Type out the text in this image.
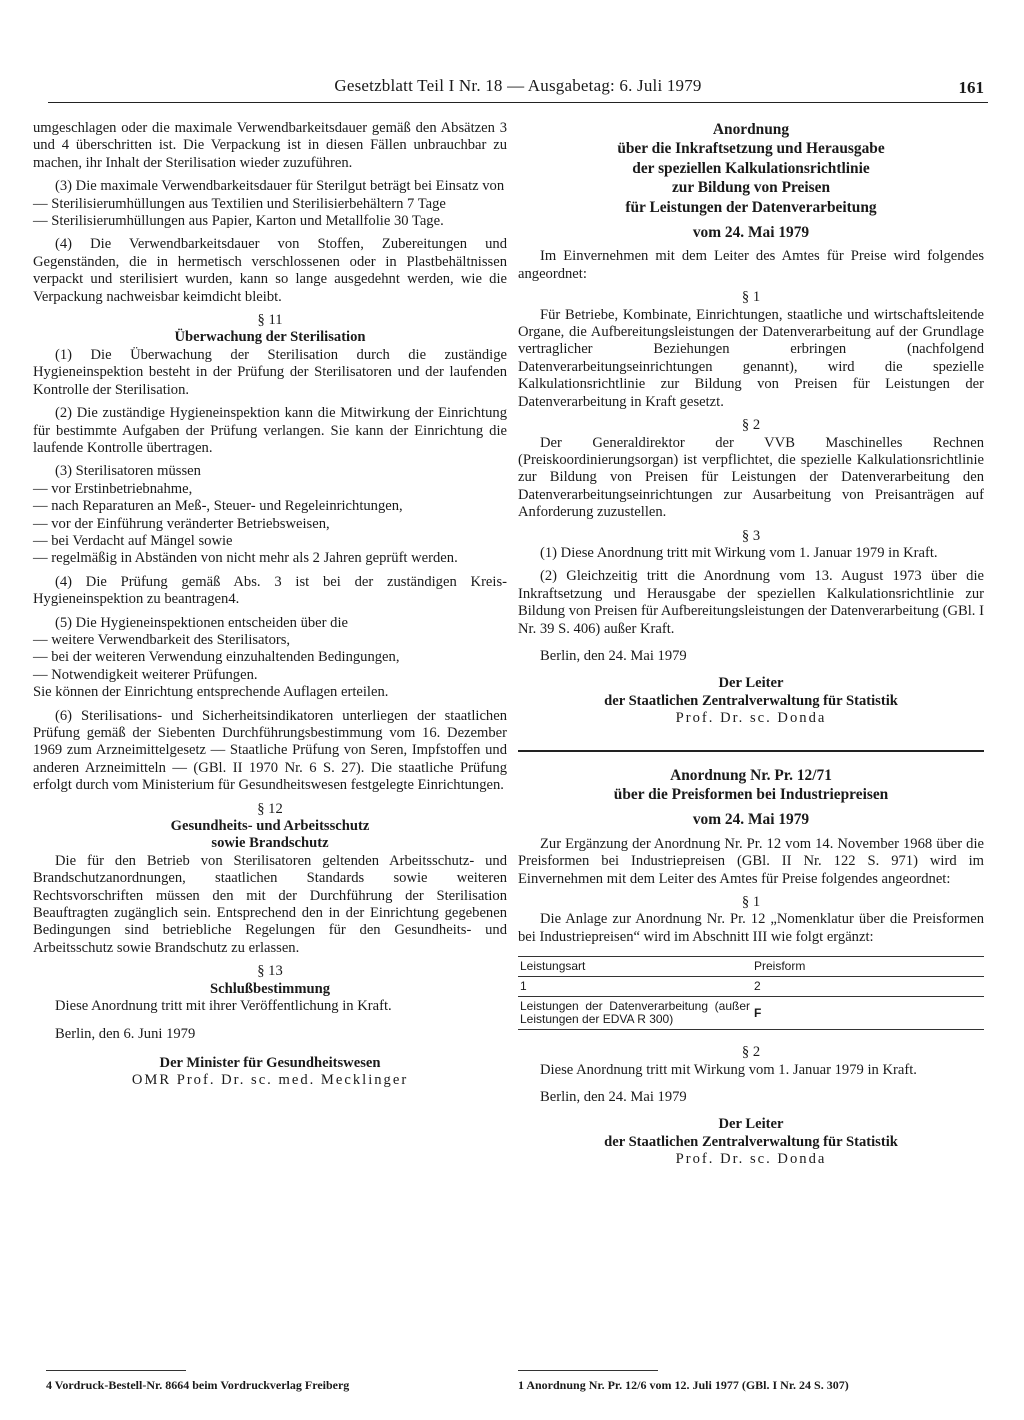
Gesetzblatt Teil I Nr. 18 — Ausgabetag: 6. Juli 1979	161

umgeschlagen oder die maximale Verwendbarkeitsdauer gemäß den Absätzen 3 und 4 überschritten ist. Die Verpackung ist in diesen Fällen unbrauchbar zu machen, ihr Inhalt der Sterilisation wieder zuzuführen.

(3) Die maximale Verwendbarkeitsdauer für Sterilgut beträgt bei Einsatz von

— Sterilisierumhüllungen aus Textilien und Sterilisierbehältern 7 Tage

— Sterilisierumhüllungen aus Papier, Karton und Metallfolie 30 Tage.

(4) Die Verwendbarkeitsdauer von Stoffen, Zubereitungen und Gegenständen, die in hermetisch verschlossenen oder in Plastbehältnissen verpackt und sterilisiert wurden, kann so lange ausgedehnt werden, wie die Verpackung nachweisbar keimdicht bleibt.

§ 11

Überwachung der Sterilisation

(1) Die Überwachung der Sterilisation durch die zuständige Hygieneinspektion besteht in der Prüfung der Sterilisatoren und der laufenden Kontrolle der Sterilisation.

(2) Die zuständige Hygieneinspektion kann die Mitwirkung der Einrichtung für bestimmte Aufgaben der Prüfung verlangen. Sie kann der Einrichtung die laufende Kontrolle übertragen.

(3) Sterilisatoren müssen

— vor Erstinbetriebnahme,

— nach Reparaturen an Meß-, Steuer- und Regeleinrichtungen,

— vor der Einführung veränderter Betriebsweisen,

— bei Verdacht auf Mängel sowie

— regelmäßig in Abständen von nicht mehr als 2 Jahren geprüft werden.

(4) Die Prüfung gemäß Abs. 3 ist bei der zuständigen Kreis-Hygieneinspektion zu beantragen4.

(5) Die Hygieneinspektionen entscheiden über die

— weitere Verwendbarkeit des Sterilisators,

— bei der weiteren Verwendung einzuhaltenden Bedingungen,

— Notwendigkeit weiterer Prüfungen.

Sie können der Einrichtung entsprechende Auflagen erteilen.

(6) Sterilisations- und Sicherheitsindikatoren unterliegen der staatlichen Prüfung gemäß der Siebenten Durchführungsbestimmung vom 16. Dezember 1969 zum Arzneimittelgesetz — Staatliche Prüfung von Seren, Impfstoffen und anderen Arzneimitteln — (GBl. II 1970 Nr. 6 S. 27). Die staatliche Prüfung erfolgt durch vom Ministerium für Gesundheitswesen festgelegte Einrichtungen.

§ 12

Gesundheits- und Arbeitsschutz

sowie Brandschutz

Die für den Betrieb von Sterilisatoren geltenden Arbeitsschutz- und Brandschutzanordnungen, staatlichen Standards sowie weiteren Rechtsvorschriften müssen den mit der Durchführung der Sterilisation Beauftragten zugänglich sein. Entsprechend den in der Einrichtung gegebenen Bedingungen sind betriebliche Regelungen für den Gesundheits- und Arbeitsschutz sowie Brandschutz zu erlassen.

§ 13

Schlußbestimmung

Diese Anordnung tritt mit ihrer Veröffentlichung in Kraft.

Berlin, den 6. Juni 1979

Der Minister für Gesundheitswesen

OMR Prof. Dr. sc. med. Mecklinger

Anordnung

über die Inkraftsetzung und Herausgabe

der speziellen Kalkulationsrichtlinie

zur Bildung von Preisen

für Leistungen der Datenverarbeitung

vom 24. Mai 1979

Im Einvernehmen mit dem Leiter des Amtes für Preise wird folgendes angeordnet:

§ 1

Für Betriebe, Kombinate, Einrichtungen, staatliche und wirtschaftsleitende Organe, die Aufbereitungsleistungen der Datenverarbeitung auf der Grundlage vertraglicher Beziehungen erbringen (nachfolgend Datenverarbeitungseinrichtungen genannt), wird die spezielle Kalkulationsrichtlinie zur Bildung von Preisen für Leistungen der Datenverarbeitung in Kraft gesetzt.

§ 2

Der Generaldirektor der VVB Maschinelles Rechnen (Preiskoordinierungsorgan) ist verpflichtet, die spezielle Kalkulationsrichtlinie zur Bildung von Preisen für Leistungen der Datenverarbeitung den Datenverarbeitungseinrichtungen zur Ausarbeitung von Preisanträgen auf Anforderung zuzustellen.

§ 3

(1) Diese Anordnung tritt mit Wirkung vom 1. Januar 1979 in Kraft.

(2) Gleichzeitig tritt die Anordnung vom 13. August 1973 über die Inkraftsetzung und Herausgabe der speziellen Kalkulationsrichtlinie zur Bildung von Preisen für Aufbereitungsleistungen der Datenverarbeitung (GBl. I Nr. 39 S. 406) außer Kraft.

Berlin, den 24. Mai 1979

Der Leiter

der Staatlichen Zentralverwaltung für Statistik

Prof. Dr. sc. Donda

Anordnung Nr. Pr. 12/71

über die Preisformen bei Industriepreisen

vom 24. Mai 1979

Zur Ergänzung der Anordnung Nr. Pr. 12 vom 14. November 1968 über die Preisformen bei Industriepreisen (GBl. II Nr. 122 S. 971) wird im Einvernehmen mit dem Leiter des Amtes für Preise folgendes angeordnet:

§ 1

Die Anlage zur Anordnung Nr. Pr. 12 „Nomenklatur über die Preisformen bei Industriepreisen“ wird im Abschnitt III wie folgt ergänzt:

Leistungsart	Preisform
1	2
Leistungen der Datenverarbeitung (außer Leistungen der EDVA R 300)	F

§ 2

Diese Anordnung tritt mit Wirkung vom 1. Januar 1979 in Kraft.

Berlin, den 24. Mai 1979

Der Leiter

der Staatlichen Zentralverwaltung für Statistik

Prof. Dr. sc. Donda

4 Vordruck-Bestell-Nr. 8664 beim Vordruckverlag Freiberg	1 Anordnung Nr. Pr. 12/6 vom 12. Juli 1977 (GBl. I Nr. 24 S. 307)
